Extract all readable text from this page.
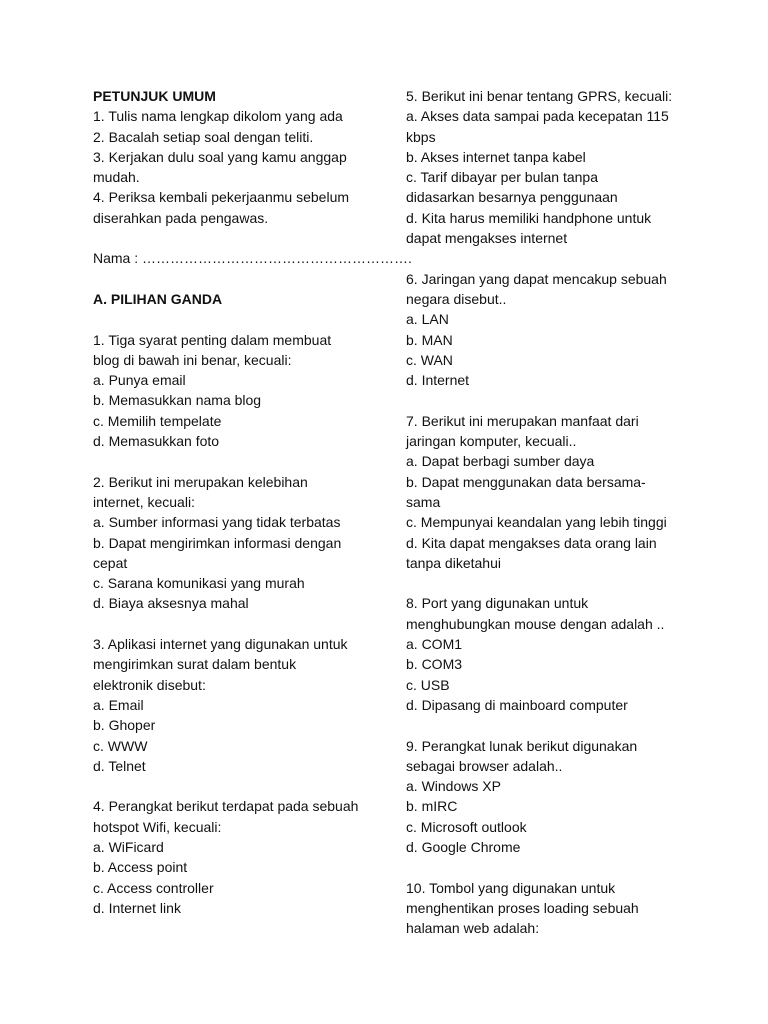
PETUNJUK UMUM
1. Tulis nama lengkap dikolom yang ada
2. Bacalah setiap soal dengan teliti.
3. Kerjakan dulu soal yang kamu anggap
mudah.
4. Periksa kembali pekerjaanmu sebelum
diserahkan pada pengawas.
Nama : ………………………………………………….
A. PILIHAN GANDA
1. Tiga syarat penting dalam membuat
blog di bawah ini benar, kecuali:
a. Punya email
b. Memasukkan nama blog
c. Memilih tempelate
d. Memasukkan foto
2. Berikut ini merupakan kelebihan
internet, kecuali:
a. Sumber informasi yang tidak terbatas
b. Dapat mengirimkan informasi dengan
cepat
c. Sarana komunikasi yang murah
d. Biaya aksesnya mahal
3. Aplikasi internet yang digunakan untuk
mengirimkan surat dalam bentuk
elektronik disebut:
a. Email
b. Ghoper
c. WWW
d. Telnet
4. Perangkat berikut terdapat pada sebuah
hotspot Wifi, kecuali:
a. WiFicard
b. Access point
c. Access controller
d. Internet link
5. Berikut ini benar tentang GPRS, kecuali:
a. Akses data sampai pada kecepatan 115
kbps
b. Akses internet tanpa kabel
c. Tarif dibayar per bulan tanpa
didasarkan besarnya penggunaan
d. Kita harus memiliki handphone untuk
dapat mengakses internet
6. Jaringan yang dapat mencakup sebuah
negara disebut..
a. LAN
b. MAN
c. WAN
d. Internet
7. Berikut ini merupakan manfaat dari
jaringan komputer, kecuali..
a. Dapat berbagi sumber daya
b. Dapat menggunakan data bersama-
sama
c. Mempunyai keandalan yang lebih tinggi
d. Kita dapat mengakses data orang lain
tanpa diketahui
8. Port yang digunakan untuk
menghubungkan mouse dengan adalah ..
a. COM1
b. COM3
c. USB
d. Dipasang di mainboard computer
9. Perangkat lunak berikut digunakan
sebagai browser adalah..
a. Windows XP
b. mIRC
c. Microsoft outlook
d. Google Chrome
10. Tombol yang digunakan untuk
menghentikan proses loading sebuah
halaman web adalah:
